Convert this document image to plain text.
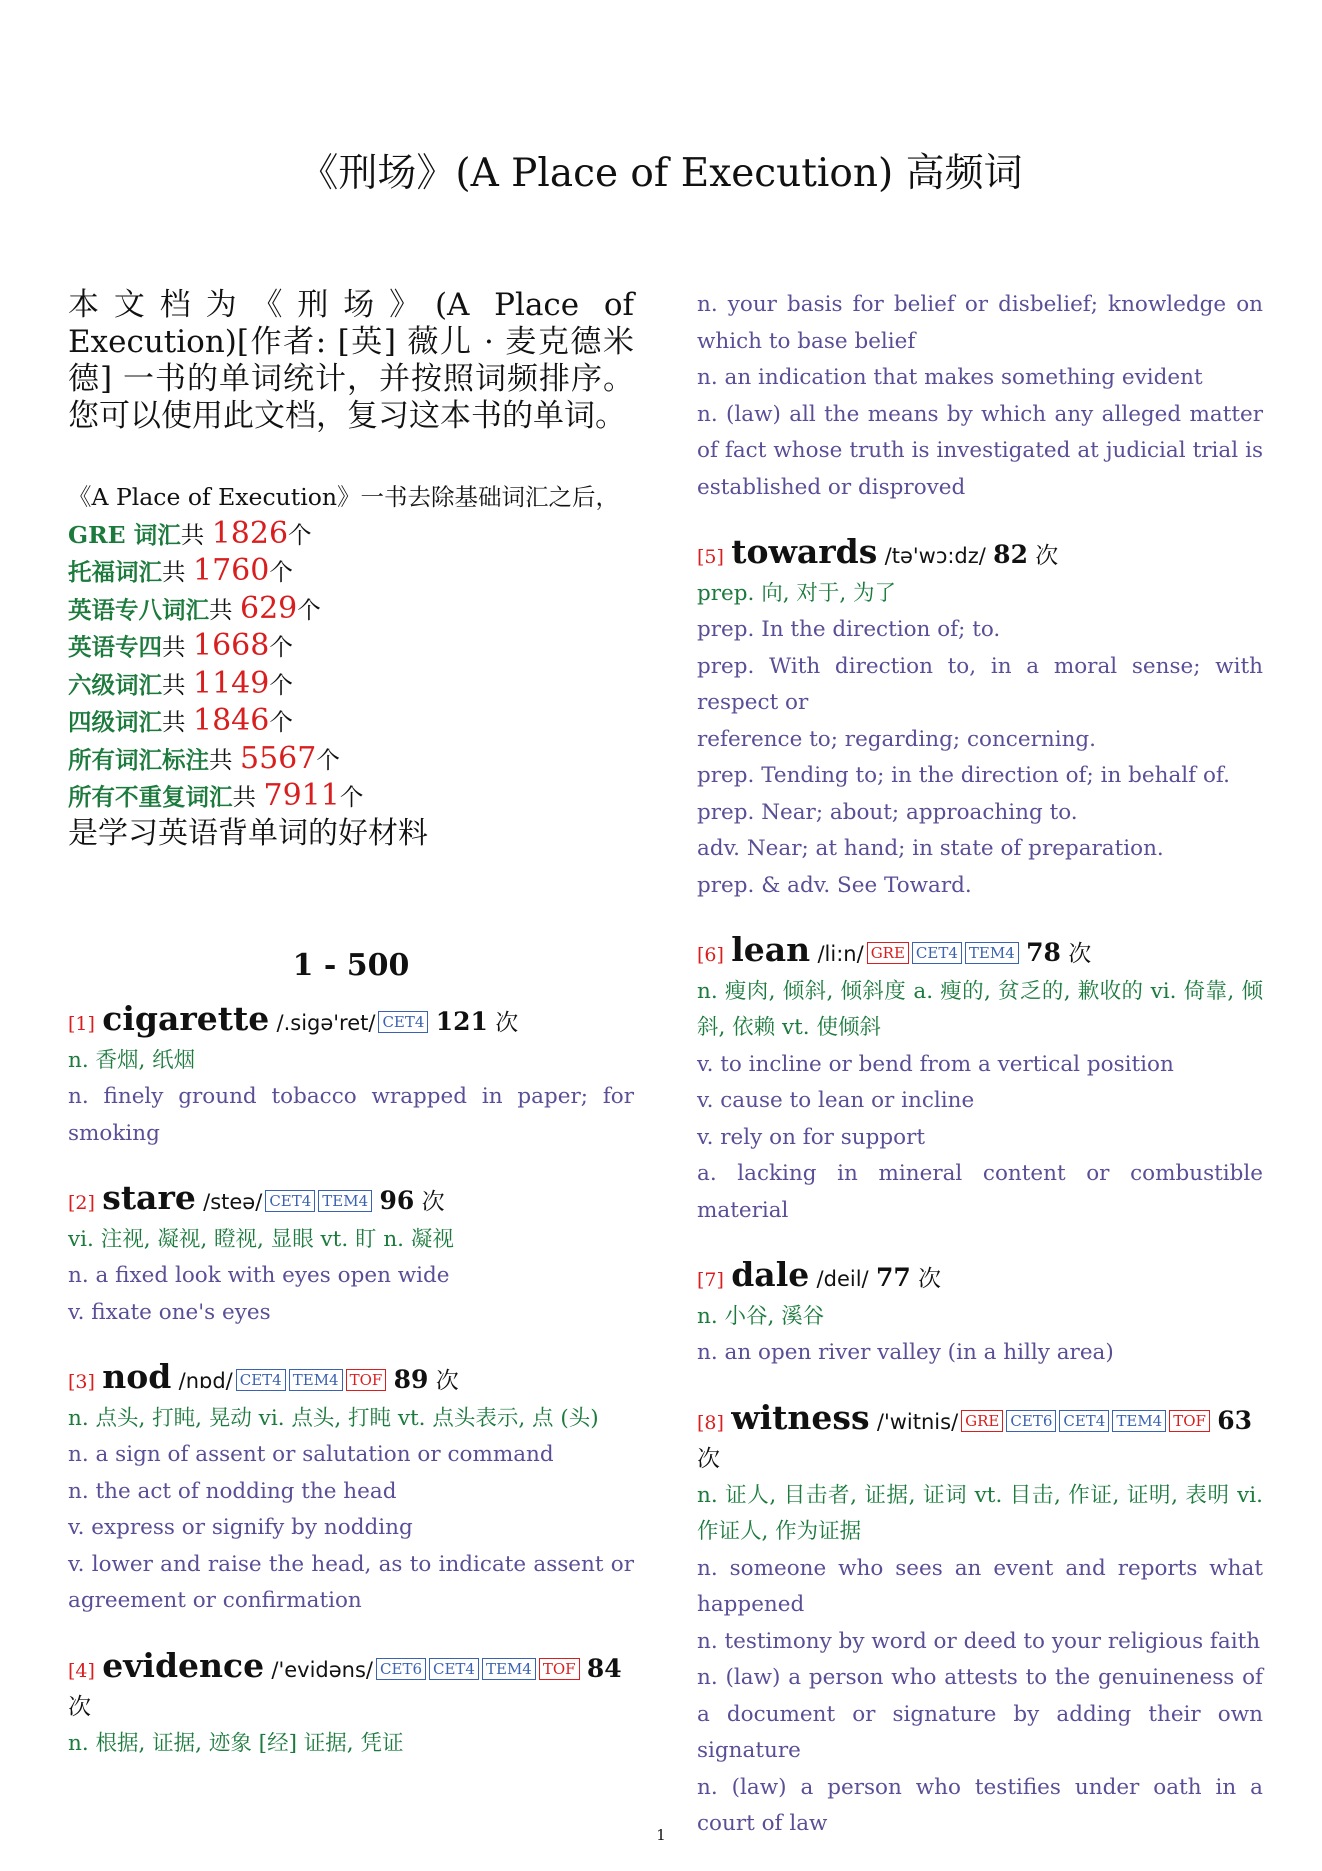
《刑场》(A Place of Execution) 高频词

本文档为《刑场》(A Place of Execution)[作者: [英] 薇儿 · 麦克德米德] 一书的单词统计，并按照词频排序。您可以使用此文档，复习这本书的单词。

《A Place of Execution》一书去除基础词汇之后，
GRE 词汇共 1826个
托福词汇共 1760个
英语专八词汇共 629个
英语专四共 1668个
六级词汇共 1149个
四级词汇共 1846个
所有词汇标注共 5567个
所有不重复词汇共 7911个
是学习英语背单词的好材料
1 - 500
[1] cigarette /.sigə'ret/ CET4 121 次
n. 香烟, 纸烟
n. finely ground tobacco wrapped in paper; for smoking
[2] stare /steə/ CET4 TEM4 96 次
vi. 注视, 凝视, 瞪视, 显眼 vt. 盯 n. 凝视
n. a fixed look with eyes open wide
v. fixate one's eyes
[3] nod /nɒd/ CET4 TEM4 TOF 89 次
n. 点头, 打盹, 晃动 vi. 点头, 打盹 vt. 点头表示, 点 (头)
n. a sign of assent or salutation or command
n. the act of nodding the head
v. express or signify by nodding
v. lower and raise the head, as to indicate assent or agreement or confirmation
[4] evidence /'evidəns/ CET6 CET4 TEM4 TOF 84 次
n. 根据, 证据, 迹象 [经] 证据, 凭证
n. your basis for belief or disbelief; knowledge on which to base belief
n. an indication that makes something evident
n. (law) all the means by which any alleged matter of fact whose truth is investigated at judicial trial is established or disproved
[5] towards /tə'wɔ:dz/ 82 次
prep. 向, 对于, 为了
prep. In the direction of; to.
prep. With direction to, in a moral sense; with respect or
reference to; regarding; concerning.
prep. Tending to; in the direction of; in behalf of.
prep. Near; about; approaching to.
adv. Near; at hand; in state of preparation.
prep. & adv. See Toward.
[6] lean /li:n/ GRE CET4 TEM4 78 次
n. 瘦肉, 倾斜, 倾斜度 a. 瘦的, 贫乏的, 歉收的 vi. 倚靠, 倾斜, 依赖 vt. 使倾斜
v. to incline or bend from a vertical position
v. cause to lean or incline
v. rely on for support
a. lacking in mineral content or combustible material
[7] dale /deil/ 77 次
n. 小谷, 溪谷
n. an open river valley (in a hilly area)
[8] witness /'witnis/ GRE CET6 CET4 TEM4 TOF 63 次
n. 证人, 目击者, 证据, 证词 vt. 目击, 作证, 证明, 表明 vi. 作证人, 作为证据
n. someone who sees an event and reports what happened
n. testimony by word or deed to your religious faith
n. (law) a person who attests to the genuineness of a document or signature by adding their own signature
n. (law) a person who testifies under oath in a court of law
1
